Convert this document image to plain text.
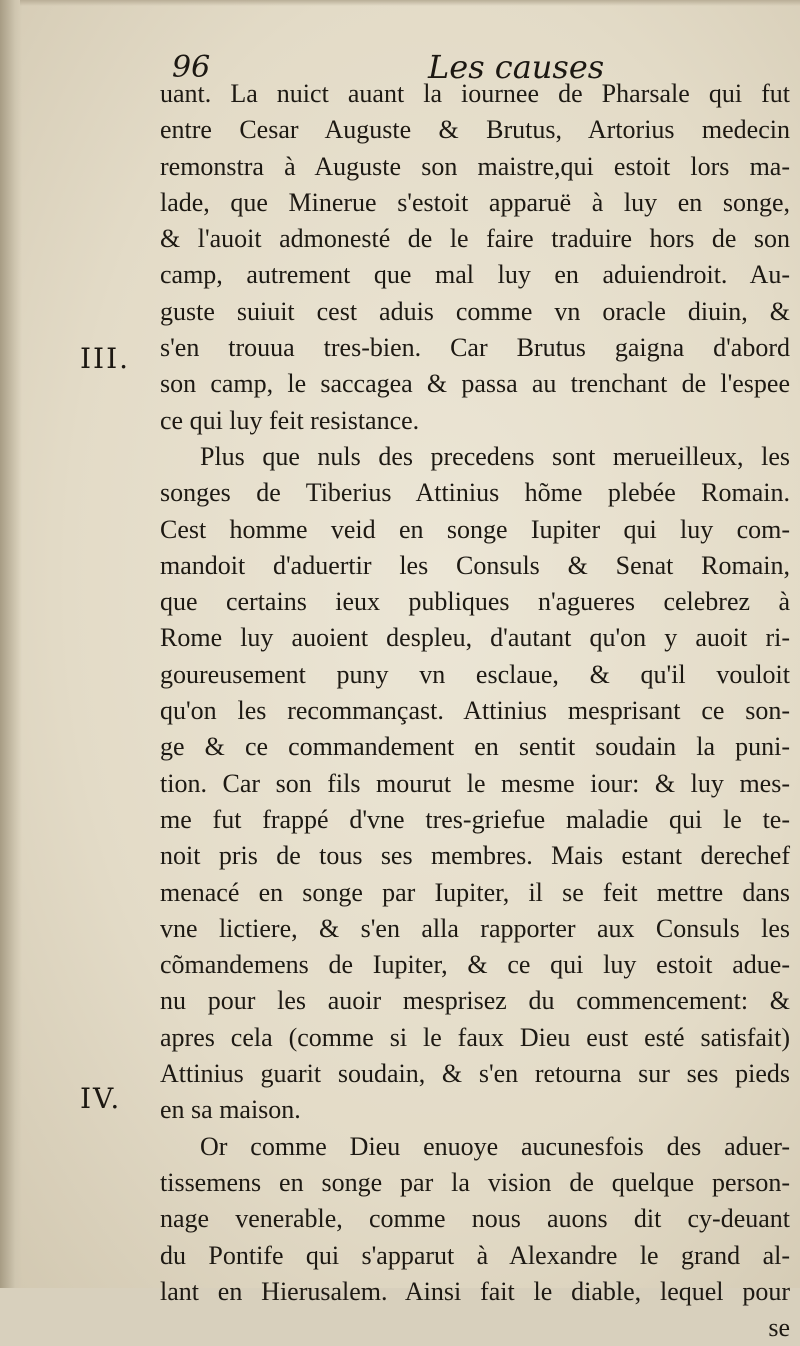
96	Les causes
III.
IV.
uant. La nuict auant la iournee de Pharsale qui fut
entre Cesar Auguste & Brutus, Artorius medecin
remonstra à Auguste son maistre,qui estoit lors ma-
lade, que Minerue s'estoit apparuë à luy en songe,
& l'auoit admonesté de le faire traduire hors de son
camp, autrement que mal luy en aduiendroit. Au-
guste suiuit cest aduis comme vn oracle diuin, &
s'en trouua tres-bien. Car Brutus gaigna d'abord
son camp, le saccagea & passa au trenchant de l'espee
ce qui luy feit resistance.
Plus que nuls des precedens sont merueilleux, les
songes de Tiberius Attinius hõme plebée Romain.
Cest homme veid en songe Iupiter qui luy com-
mandoit d'aduertir les Consuls & Senat Romain,
que certains ieux publiques n'agueres celebrez à
Rome luy auoient despleu, d'autant qu'on y auoit ri-
goureusement puny vn esclaue, & qu'il vouloit
qu'on les recommançast. Attinius mesprisant ce son-
ge & ce commandement en sentit soudain la puni-
tion. Car son fils mourut le mesme iour: & luy mes-
me fut frappé d'vne tres-griefue maladie qui le te-
noit pris de tous ses membres. Mais estant derechef
menacé en songe par Iupiter, il se feit mettre dans
vne lictiere, & s'en alla rapporter aux Consuls les
cõmandemens de Iupiter, & ce qui luy estoit adue-
nu pour les auoir mesprisez du commencement: &
apres cela (comme si le faux Dieu eust esté satisfait)
Attinius guarit soudain, & s'en retourna sur ses pieds
en sa maison.
Or comme Dieu enuoye aucunesfois des aduer-
tissemens en songe par la vision de quelque person-
nage venerable, comme nous auons dit cy-deuant
du Pontife qui s'apparut à Alexandre le grand al-
lant en Hierusalem. Ainsi fait le diable, lequel pour
se
